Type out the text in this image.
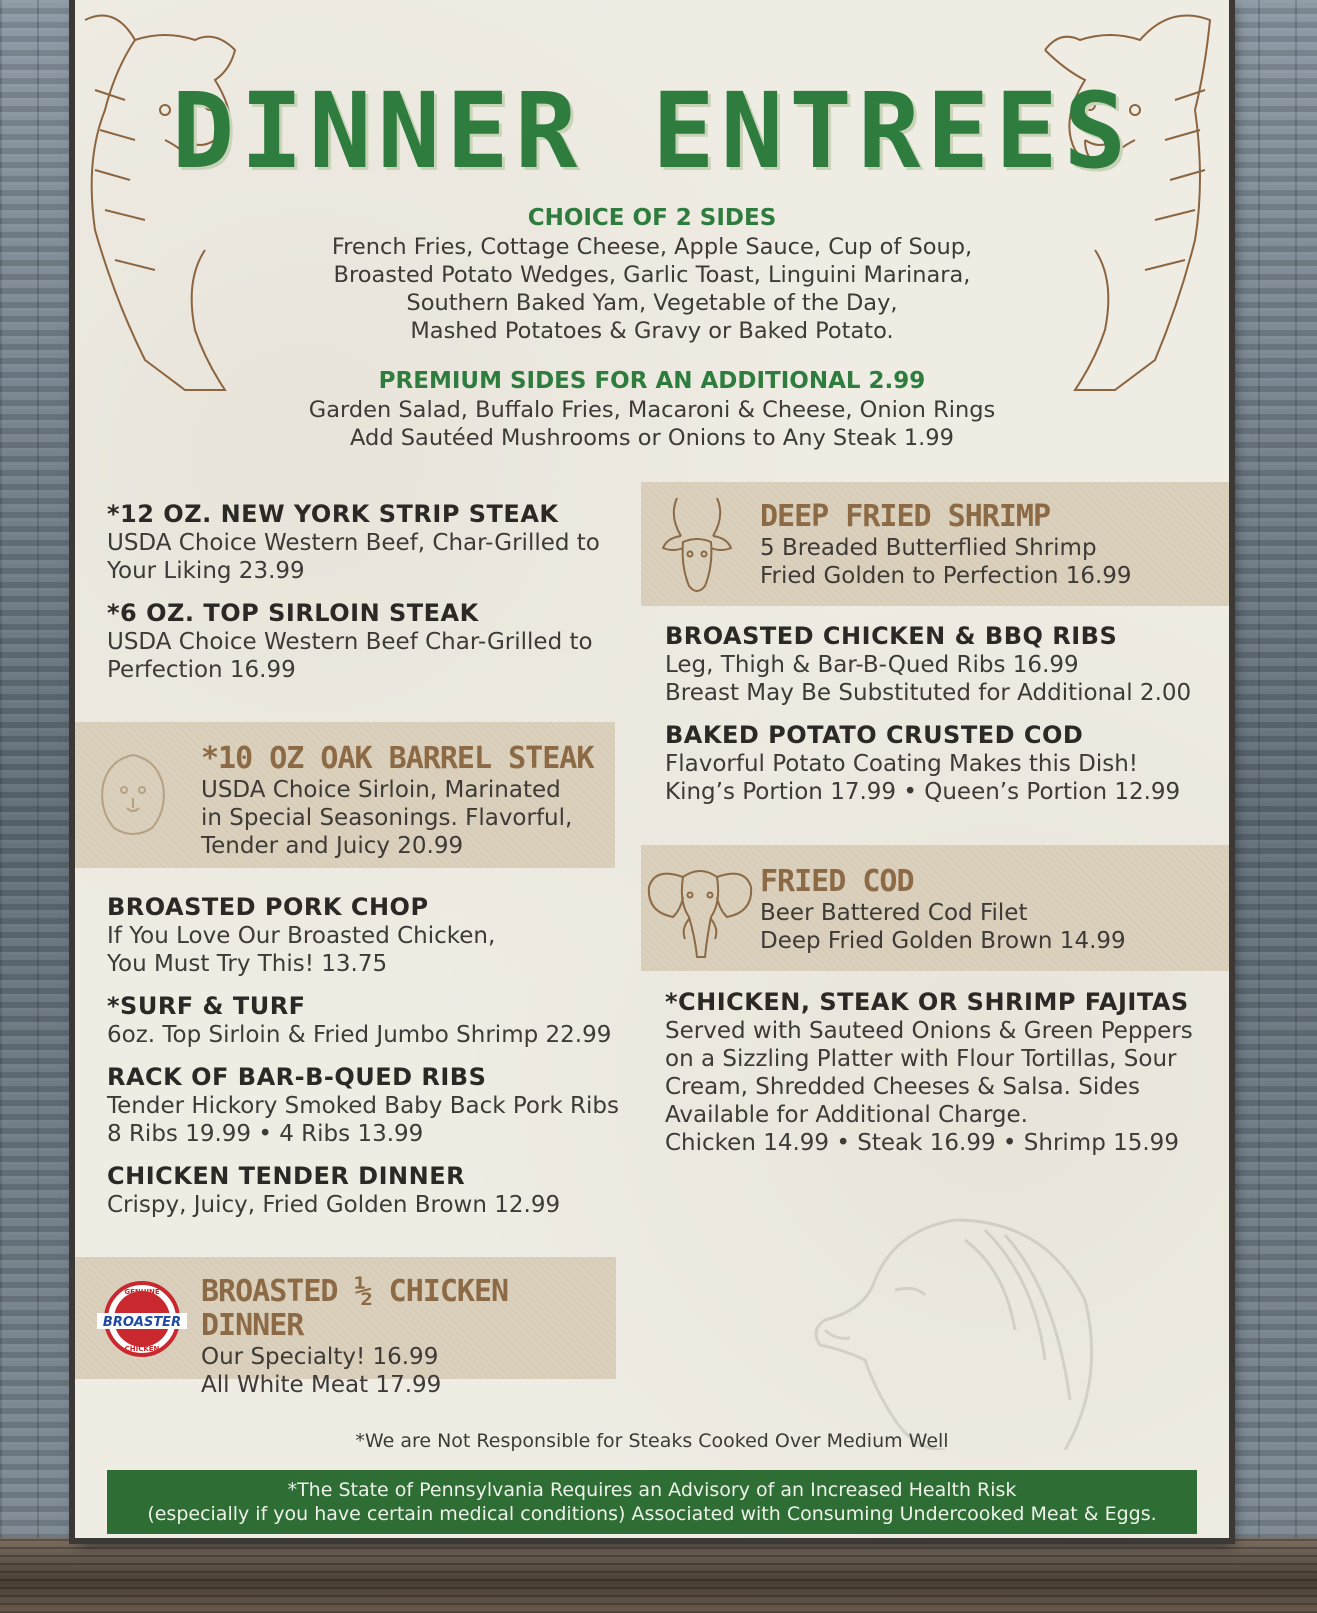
DINNER ENTREES
CHOICE OF 2 SIDES
French Fries, Cottage Cheese, Apple Sauce, Cup of Soup,
Broasted Potato Wedges, Garlic Toast, Linguini Marinara,
Southern Baked Yam, Vegetable of the Day,
Mashed Potatoes & Gravy or Baked Potato.
PREMIUM SIDES FOR AN ADDITIONAL 2.99
Garden Salad, Buffalo Fries, Macaroni & Cheese, Onion Rings
Add Sautéed Mushrooms or Onions to Any Steak 1.99
*12 OZ. NEW YORK STRIP STEAK
USDA Choice Western Beef, Char-Grilled to
Your Liking 23.99
*6 OZ. TOP SIRLOIN STEAK
USDA Choice Western Beef Char-Grilled to
Perfection 16.99
*10 OZ OAK BARREL STEAK
USDA Choice Sirloin, Marinated
in Special Seasonings. Flavorful,
Tender and Juicy 20.99
BROASTED PORK CHOP
If You Love Our Broasted Chicken,
You Must Try This! 13.75
*SURF & TURF
6oz. Top Sirloin & Fried Jumbo Shrimp 22.99
RACK OF BAR-B-QUED RIBS
Tender Hickory Smoked Baby Back Pork Ribs
8 Ribs 19.99 • 4 Ribs 13.99
CHICKEN TENDER DINNER
Crispy, Juicy, Fried Golden Brown 12.99
BROASTER
GENUINE
CHICKEN
BROASTED ½ CHICKEN DINNER
Our Specialty! 16.99
All White Meat 17.99
DEEP FRIED SHRIMP
5 Breaded Butterflied Shrimp
Fried Golden to Perfection 16.99
BROASTED CHICKEN & BBQ RIBS
Leg, Thigh & Bar-B-Qued Ribs 16.99
Breast May Be Substituted for Additional 2.00
BAKED POTATO CRUSTED COD
Flavorful Potato Coating Makes this Dish!
King’s Portion 17.99 • Queen’s Portion 12.99
FRIED COD
Beer Battered Cod Filet
Deep Fried Golden Brown 14.99
*CHICKEN, STEAK OR SHRIMP FAJITAS
Served with Sauteed Onions & Green Peppers
on a Sizzling Platter with Flour Tortillas, Sour
Cream, Shredded Cheeses & Salsa. Sides
Available for Additional Charge.
Chicken 14.99 • Steak 16.99 • Shrimp 15.99
*We are Not Responsible for Steaks Cooked Over Medium Well
*The State of Pennsylvania Requires an Advisory of an Increased Health Risk
(especially if you have certain medical conditions) Associated with Consuming Undercooked Meat & Eggs.
